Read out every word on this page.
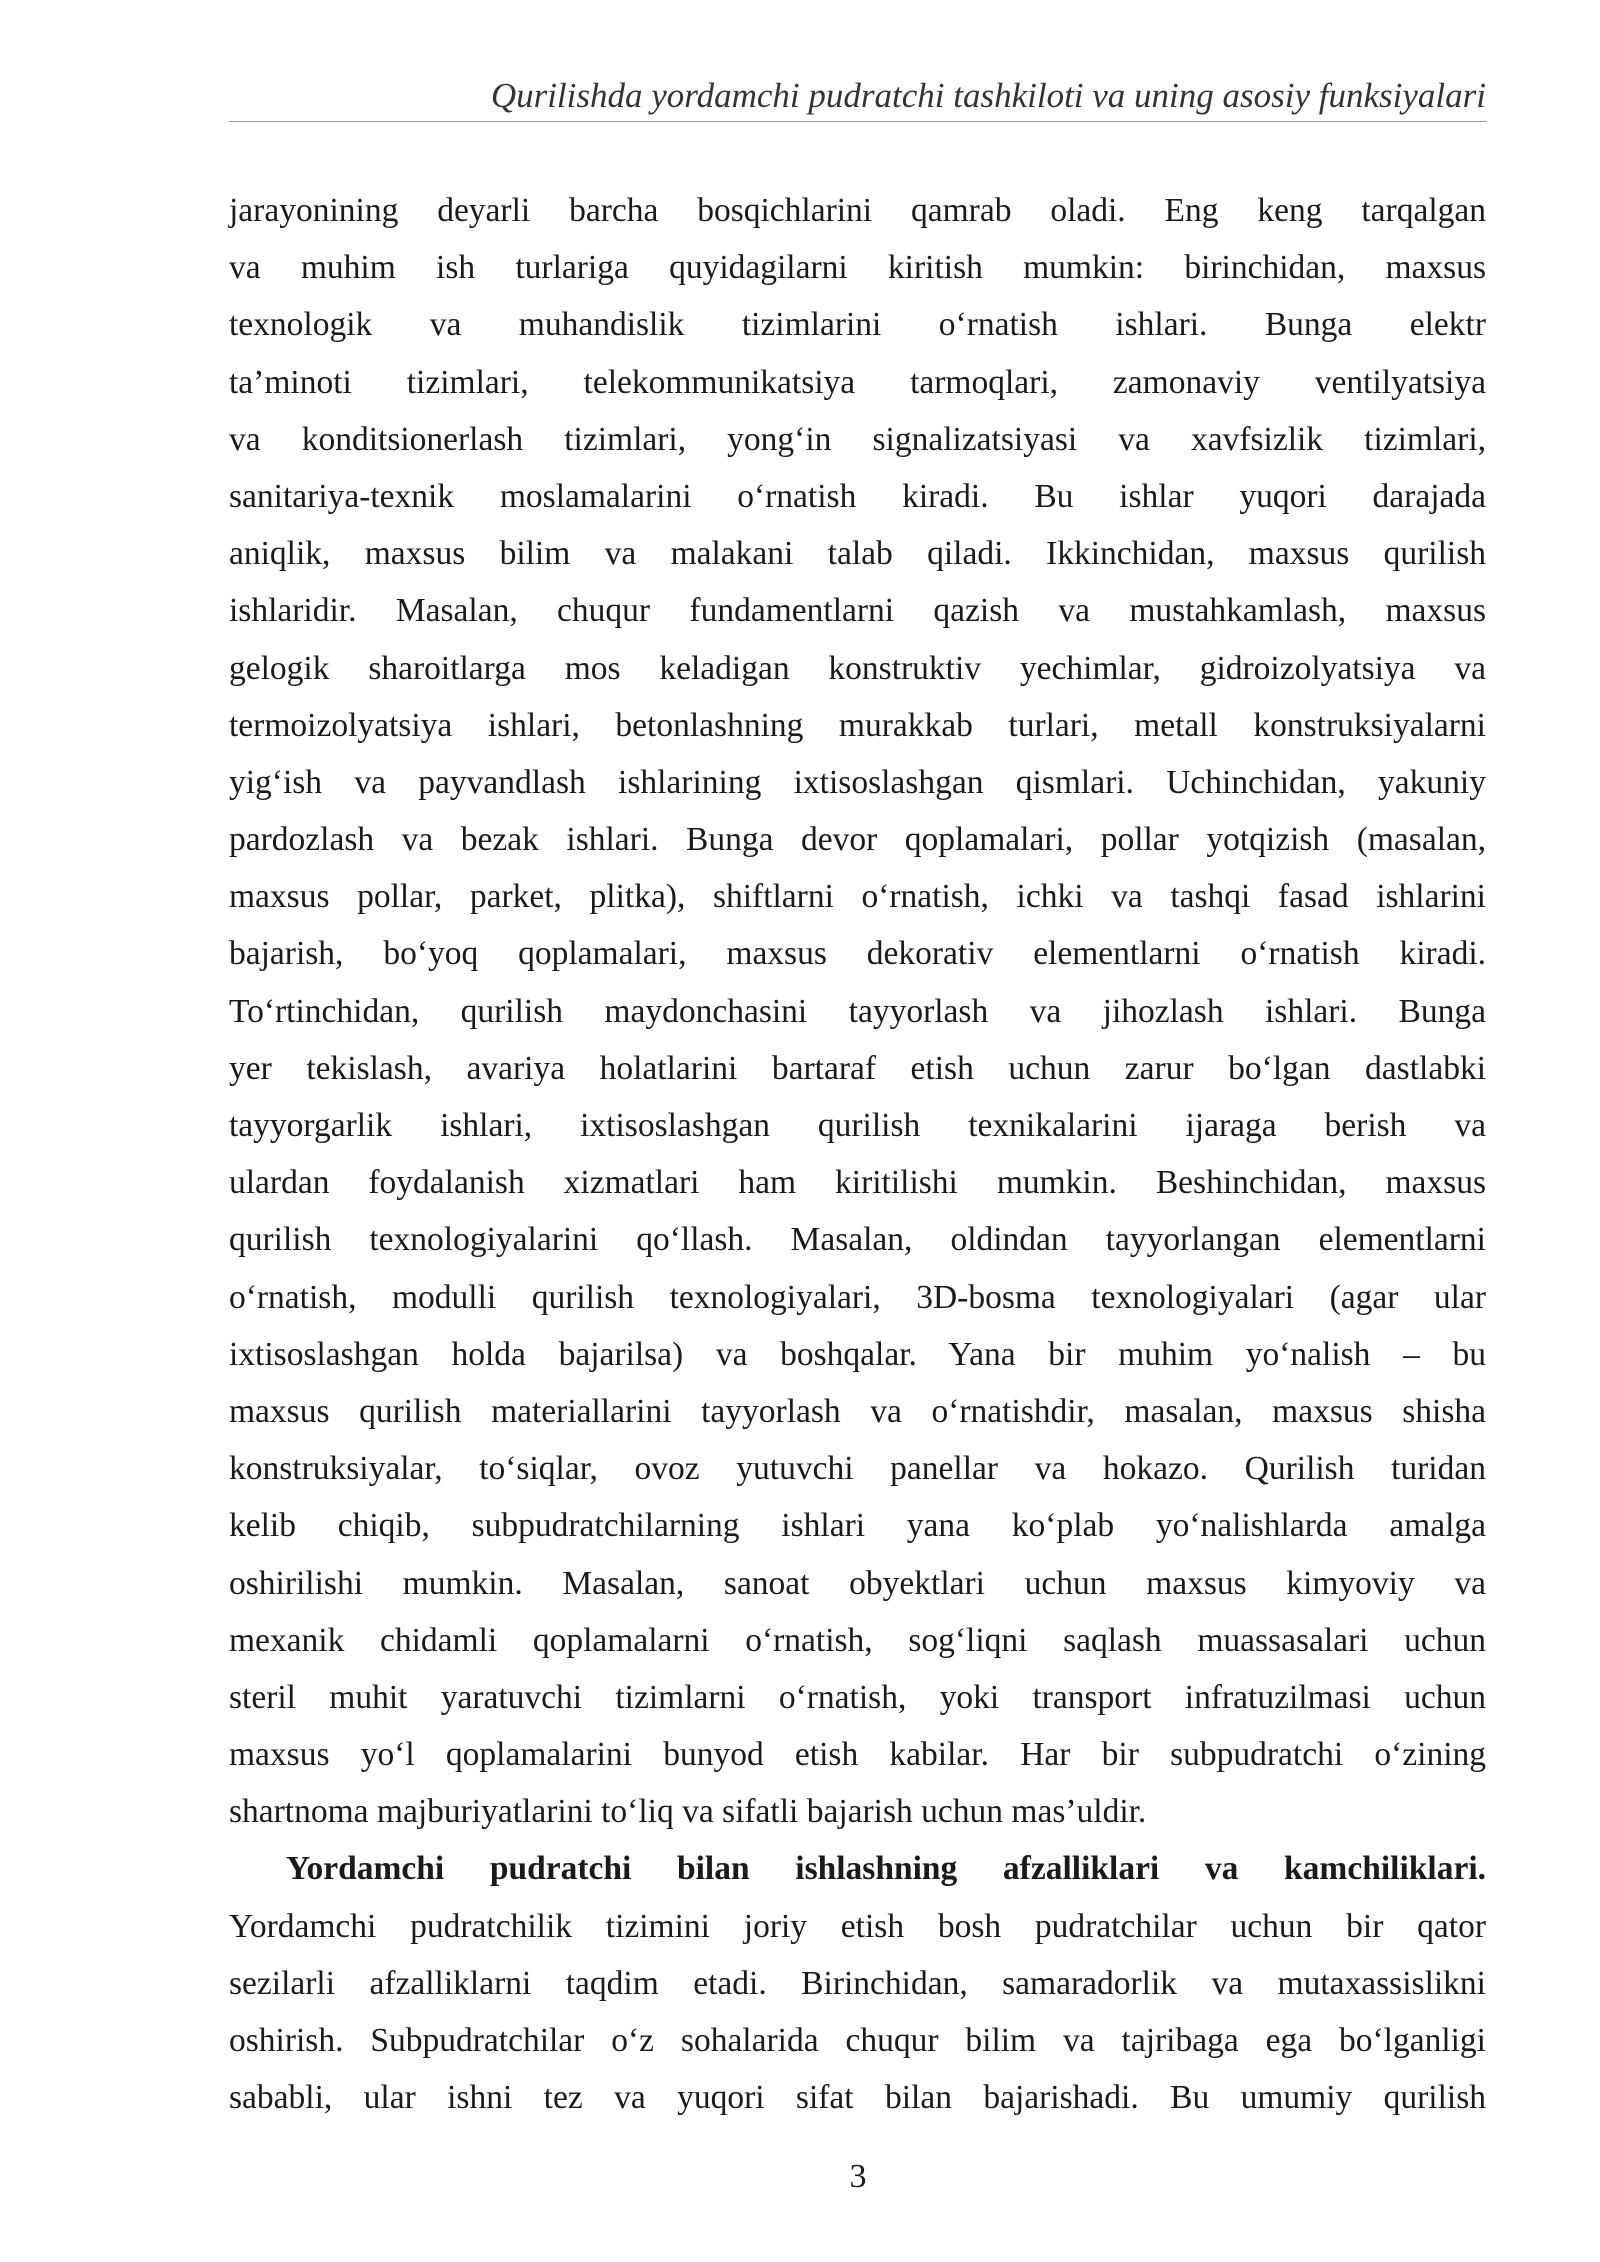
Qurilishda yordamchi pudratchi tashkiloti va uning asosiy funksiyalari
jarayonining deyarli barcha bosqichlarini qamrab oladi. Eng keng tarqalgan
va muhim ish turlariga quyidagilarni kiritish mumkin: birinchidan, maxsus
texnologik va muhandislik tizimlarini o‘rnatish ishlari. Bunga elektr
ta’minoti tizimlari, telekommunikatsiya tarmoqlari, zamonaviy ventilyatsiya
va konditsionerlash tizimlari, yong‘in signalizatsiyasi va xavfsizlik tizimlari,
sanitariya-texnik moslamalarini o‘rnatish kiradi. Bu ishlar yuqori darajada
aniqlik, maxsus bilim va malakani talab qiladi. Ikkinchidan, maxsus qurilish
ishlaridir. Masalan, chuqur fundamentlarni qazish va mustahkamlash, maxsus
gelogik sharoitlarga mos keladigan konstruktiv yechimlar, gidroizolyatsiya va
termoizolyatsiya ishlari, betonlashning murakkab turlari, metall konstruksiyalarni
yig‘ish va payvandlash ishlarining ixtisoslashgan qismlari. Uchinchidan, yakuniy
pardozlash va bezak ishlari. Bunga devor qoplamalari, pollar yotqizish (masalan,
maxsus pollar, parket, plitka), shiftlarni o‘rnatish, ichki va tashqi fasad ishlarini
bajarish, bo‘yoq qoplamalari, maxsus dekorativ elementlarni o‘rnatish kiradi.
To‘rtinchidan, qurilish maydonchasini tayyorlash va jihozlash ishlari. Bunga
yer tekislash, avariya holatlarini bartaraf etish uchun zarur bo‘lgan dastlabki
tayyorgarlik ishlari, ixtisoslashgan qurilish texnikalarini ijaraga berish va
ulardan foydalanish xizmatlari ham kiritilishi mumkin. Beshinchidan, maxsus
qurilish texnologiyalarini qo‘llash. Masalan, oldindan tayyorlangan elementlarni
o‘rnatish, modulli qurilish texnologiyalari, 3D-bosma texnologiyalari (agar ular
ixtisoslashgan holda bajarilsa) va boshqalar. Yana bir muhim yo‘nalish – bu
maxsus qurilish materiallarini tayyorlash va o‘rnatishdir, masalan, maxsus shisha
konstruksiyalar, to‘siqlar, ovoz yutuvchi panellar va hokazo. Qurilish turidan
kelib chiqib, subpudratchilarning ishlari yana ko‘plab yo‘nalishlarda amalga
oshirilishi mumkin. Masalan, sanoat obyektlari uchun maxsus kimyoviy va
mexanik chidamli qoplamalarni o‘rnatish, sog‘liqni saqlash muassasalari uchun
steril muhit yaratuvchi tizimlarni o‘rnatish, yoki transport infratuzilmasi uchun
maxsus yo‘l qoplamalarini bunyod etish kabilar. Har bir subpudratchi o‘zining
shartnoma majburiyatlarini to‘liq va sifatli bajarish uchun mas’uldir.
Yordamchi pudratchi bilan ishlashning afzalliklari va kamchiliklari.
Yordamchi pudratchilik tizimini joriy etish bosh pudratchilar uchun bir qator
sezilarli afzalliklarni taqdim etadi. Birinchidan, samaradorlik va mutaxassislikni
oshirish. Subpudratchilar o‘z sohalarida chuqur bilim va tajribaga ega bo‘lganligi
sababli, ular ishni tez va yuqori sifat bilan bajarishadi. Bu umumiy qurilish
3
